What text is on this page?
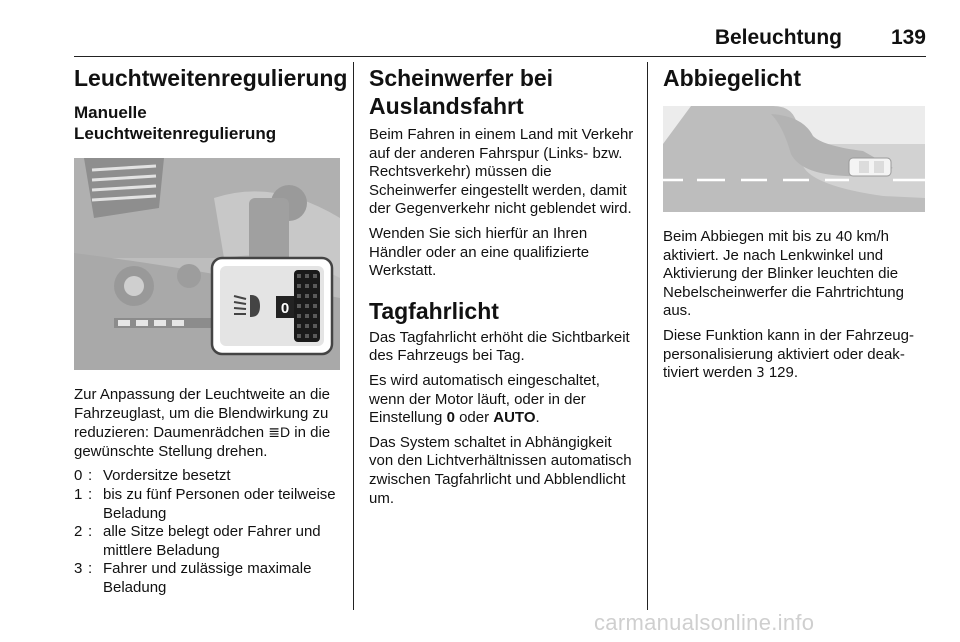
Beleuchtung 139
Leuchtweitenregulierung
Manuelle
Leuchtweitenregulierung
0

Zur Anpassung der Leuchtweite an die Fahrzeuglast, um die Blendwirkung zu reduzieren: Daumenrädchen ≣D in die gewünschte Stellung drehen.

0 : Vordersitze besetzt
1 : bis zu fünf Personen oder teilweise Beladung
2 : alle Sitze belegt oder Fahrer und mittlere Beladung
3 : Fahrer und zulässige maximale Beladung
Scheinwerfer bei Auslandsfahrt

Beim Fahren in einem Land mit Verkehr auf der anderen Fahrspur (Links- bzw. Rechtsverkehr) müssen die Scheinwerfer eingestellt werden, damit der Gegenverkehr nicht geblendet wird.

Wenden Sie sich hierfür an Ihren Händler oder an eine qualifizierte Werkstatt.

Tagfahrlicht

Das Tagfahrlicht erhöht die Sichtbarkeit des Fahrzeugs bei Tag.

Es wird automatisch eingeschaltet, wenn der Motor läuft, oder in der Einstellung 0 oder AUTO.

Das System schaltet in Abhängigkeit von den Lichtverhältnissen automatisch zwischen Tagfahrlicht und Abblendlicht um.

Abbiegelicht

Beim Abbiegen mit bis zu 40 km/h aktiviert. Je nach Lenkwinkel und Aktivierung der Blinker leuchten die Nebelscheinwerfer die Fahrtrichtung aus.

Diese Funktion kann in der Fahrzeugpersonalisierung aktiviert oder deaktiviert werden 3 129.

carmanualsonline.info
